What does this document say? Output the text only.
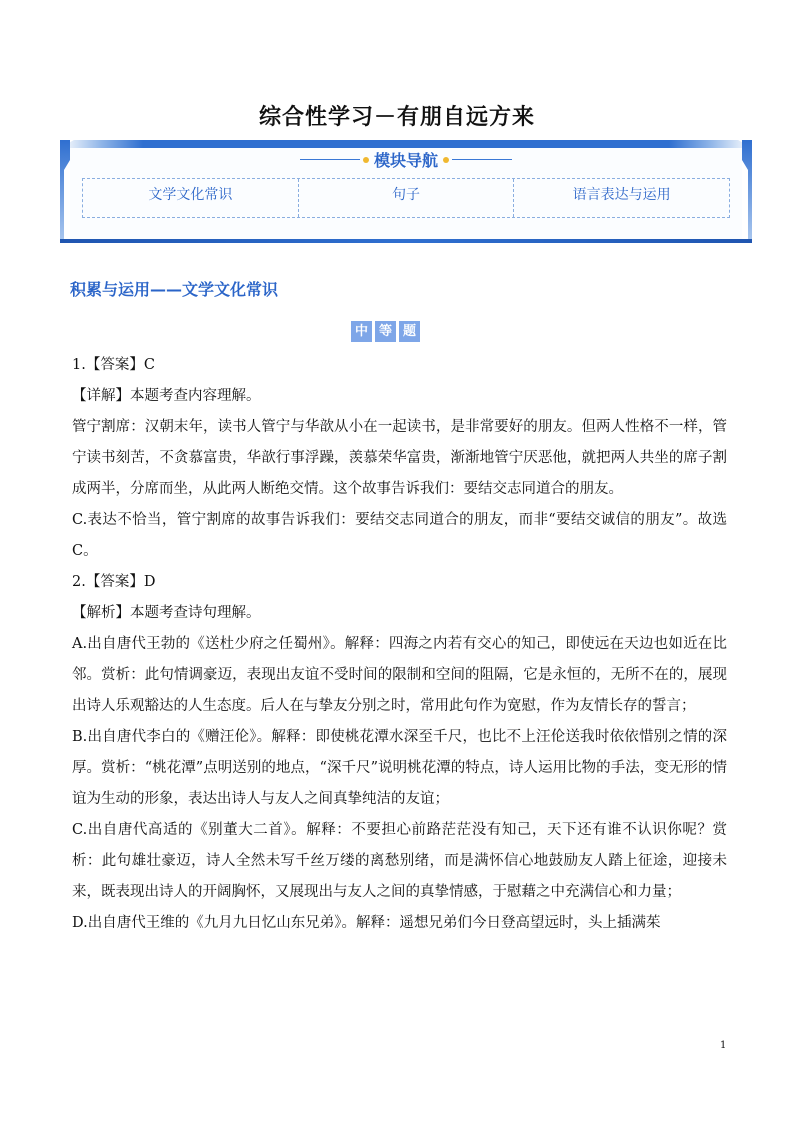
综合性学习－有朋自远方来
模块导航
文学文化常识	句子	语言表达与运用
积累与运用——文学文化常识
中 等 题

1.【答案】C

【详解】本题考查内容理解。

管宁割席：汉朝末年，读书人管宁与华歆从小在一起读书，是非常要好的朋友。但两人性格不一样，管宁读书刻苦，不贪慕富贵，华歆行事浮躁，羡慕荣华富贵，渐渐地管宁厌恶他，就把两人共坐的席子割成两半，分席而坐，从此两人断绝交情。这个故事告诉我们：要结交志同道合的朋友。

C.表达不恰当，管宁割席的故事告诉我们：要结交志同道合的朋友，而非“要结交诚信的朋友”。故选C。

2.【答案】D

【解析】本题考查诗句理解。

A.出自唐代王勃的《送杜少府之任蜀州》。解释：四海之内若有交心的知己，即使远在天边也如近在比邻。赏析：此句情调豪迈，表现出友谊不受时间的限制和空间的阻隔，它是永恒的，无所不在的，展现出诗人乐观豁达的人生态度。后人在与挚友分别之时，常用此句作为宽慰，作为友情长存的誓言；

B.出自唐代李白的《赠汪伦》。解释：即使桃花潭水深至千尺，也比不上汪伦送我时依依惜别之情的深厚。赏析：“桃花潭”点明送别的地点，“深千尺”说明桃花潭的特点，诗人运用比物的手法，变无形的情谊为生动的形象，表达出诗人与友人之间真挚纯洁的友谊；

C.出自唐代高适的《别董大二首》。解释：不要担心前路茫茫没有知己，天下还有谁不认识你呢？赏析：此句雄壮豪迈，诗人全然未写千丝万缕的离愁别绪，而是满怀信心地鼓励友人踏上征途，迎接未来，既表现出诗人的开阔胸怀，又展现出与友人之间的真挚情感，于慰藉之中充满信心和力量；

D.出自唐代王维的《九月九日忆山东兄弟》。解释：遥想兄弟们今日登高望远时，头上插满茱

1
